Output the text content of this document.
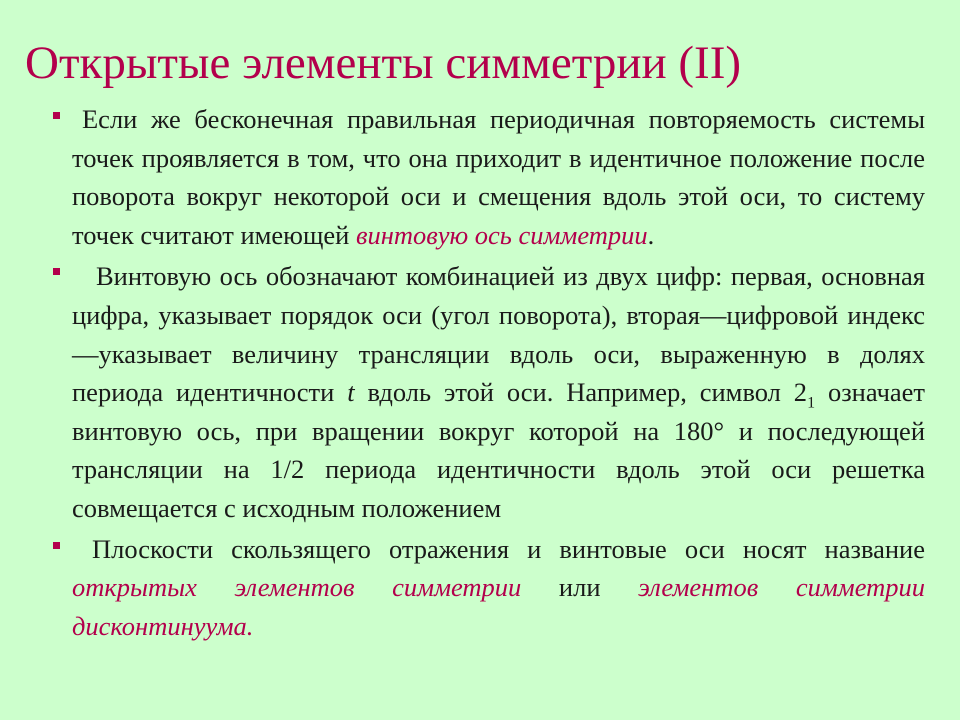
Открытые элементы симметрии (II)

Если же бесконечная правильная периодичная повторяемость системы точек проявляется в том, что она приходит в идентичное положение после поворота вокруг некоторой оси и смещения вдоль этой оси, то систему точек считают имеющей винтовую ось симметрии.

Винтовую ось обозначают комбинацией из двух цифр: первая, основная цифра, указывает порядок оси (угол поворота), вторая—цифровой индекс—указывает величину трансляции вдоль оси, выраженную в долях периода идентичности t вдоль этой оси. Например, символ $2_1$ означает винтовую ось, при вращении вокруг которой на 180° и последующей трансляции на 1/2 периода идентичности вдоль этой оси решетка совмещается с исходным положением

Плоскости скользящего отражения и винтовые оси носят название открытых элементов симметрии или элементов симметрии дисконтинуума.
